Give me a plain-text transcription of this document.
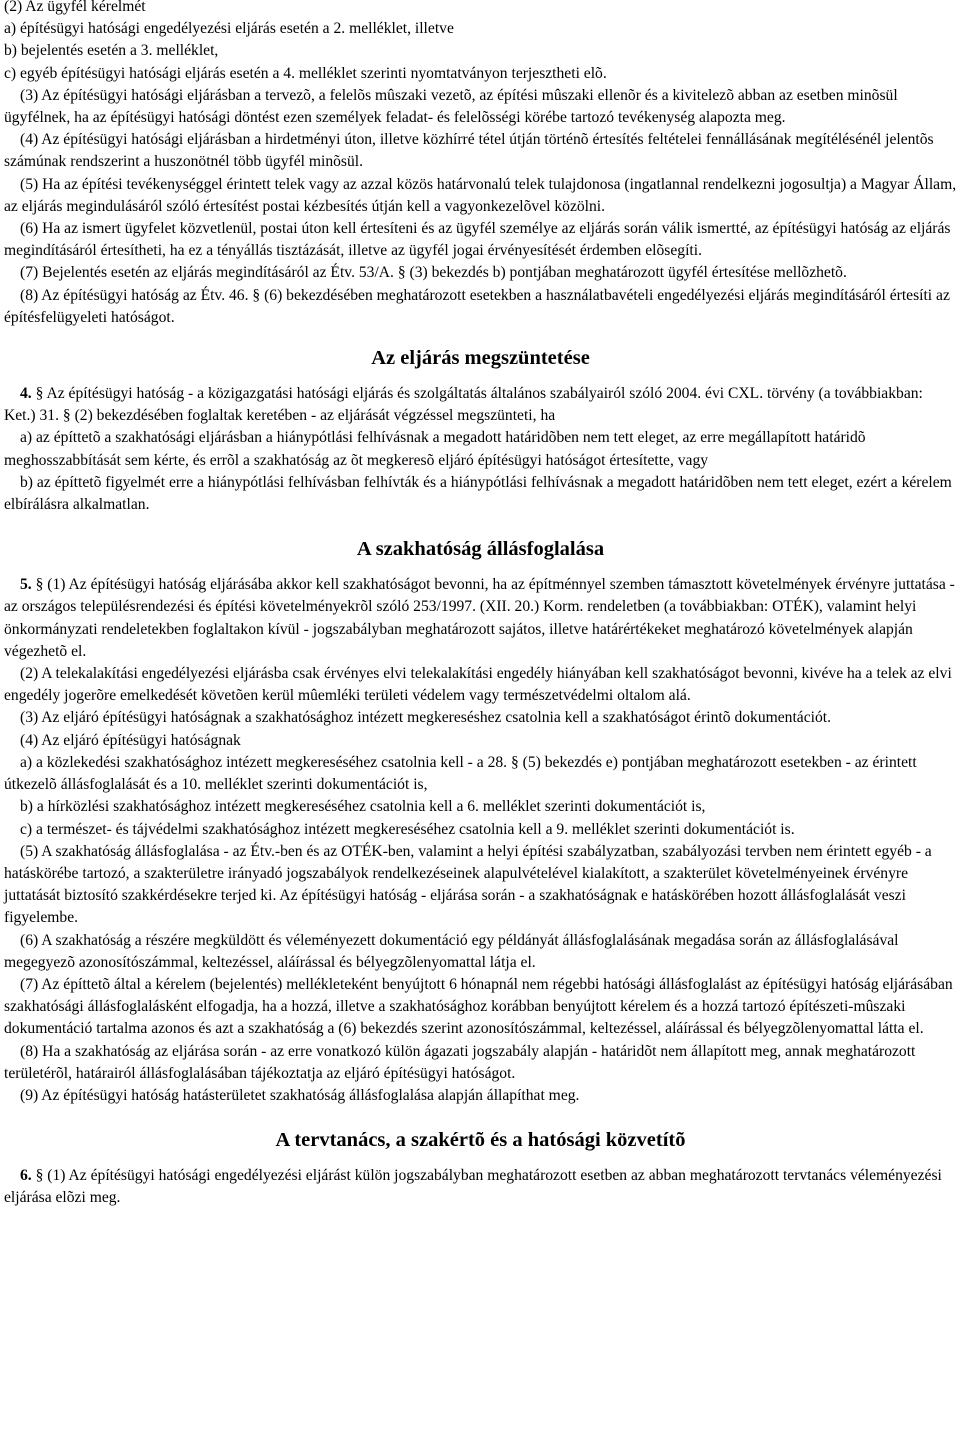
(2) Az ügyfél kérelmét

a) építésügyi hatósági engedélyezési eljárás esetén a 2. melléklet, illetve

b) bejelentés esetén a 3. melléklet,

c) egyéb építésügyi hatósági eljárás esetén a 4. melléklet szerinti nyomtatványon terjesztheti elõ.

(3) Az építésügyi hatósági eljárásban a tervezõ, a felelõs mûszaki vezetõ, az építési mûszaki ellenõr és a kivitelezõ abban az esetben minõsül ügyfélnek, ha az építésügyi hatósági döntést ezen személyek feladat- és felelõsségi körébe tartozó tevékenység alapozta meg.

(4) Az építésügyi hatósági eljárásban a hirdetményi úton, illetve közhírré tétel útján történõ értesítés feltételei fennállásának megítélésénél jelentõs számúnak rendszerint a huszonötnél több ügyfél minõsül.

(5) Ha az építési tevékenységgel érintett telek vagy az azzal közös határvonalú telek tulajdonosa (ingatlannal rendelkezni jogosultja) a Magyar Állam, az eljárás megindulásáról szóló értesítést postai kézbesítés útján kell a vagyonkezelõvel közölni.

(6) Ha az ismert ügyfelet közvetlenül, postai úton kell értesíteni és az ügyfél személye az eljárás során válik ismertté, az építésügyi hatóság az eljárás megindításáról értesítheti, ha ez a tényállás tisztázását, illetve az ügyfél jogai érvényesítését érdemben elõsegíti.

(7) Bejelentés esetén az eljárás megindításáról az Étv. 53/A. § (3) bekezdés b) pontjában meghatározott ügyfél értesítése mellõzhetõ.

(8) Az építésügyi hatóság az Étv. 46. § (6) bekezdésében meghatározott esetekben a használatbavételi engedélyezési eljárás megindításáról értesíti az építésfelügyeleti hatóságot.

Az eljárás megszüntetése

4. § Az építésügyi hatóság - a közigazgatási hatósági eljárás és szolgáltatás általános szabályairól szóló 2004. évi CXL. törvény (a továbbiakban: Ket.) 31. § (2) bekezdésében foglaltak keretében - az eljárását végzéssel megszünteti, ha

a) az építtetõ a szakhatósági eljárásban a hiánypótlási felhívásnak a megadott határidõben nem tett eleget, az erre megállapított határidõ meghosszabbítását sem kérte, és errõl a szakhatóság az õt megkeresõ eljáró építésügyi hatóságot értesítette, vagy

b) az építtetõ figyelmét erre a hiánypótlási felhívásban felhívták és a hiánypótlási felhívásnak a megadott határidõben nem tett eleget, ezért a kérelem elbírálásra alkalmatlan.

A szakhatóság állásfoglalása

5. § (1) Az építésügyi hatóság eljárásába akkor kell szakhatóságot bevonni, ha az építménnyel szemben támasztott követelmények érvényre juttatása - az országos településrendezési és építési követelményekrõl szóló 253/1997. (XII. 20.) Korm. rendeletben (a továbbiakban: OTÉK), valamint helyi önkormányzati rendeletekben foglaltakon kívül - jogszabályban meghatározott sajátos, illetve határértékeket meghatározó követelmények alapján végezhetõ el.

(2) A telekalakítási engedélyezési eljárásba csak érvényes elvi telekalakítási engedély hiányában kell szakhatóságot bevonni, kivéve ha a telek az elvi engedély jogerõre emelkedését követõen kerül mûemléki területi védelem vagy természetvédelmi oltalom alá.

(3) Az eljáró építésügyi hatóságnak a szakhatósághoz intézett megkereséshez csatolnia kell a szakhatóságot érintõ dokumentációt.

(4) Az eljáró építésügyi hatóságnak

a) a közlekedési szakhatósághoz intézett megkereséséhez csatolnia kell - a 28. § (5) bekezdés e) pontjában meghatározott esetekben - az érintett útkezelõ állásfoglalását és a 10. melléklet szerinti dokumentációt is,

b) a hírközlési szakhatósághoz intézett megkereséséhez csatolnia kell a 6. melléklet szerinti dokumentációt is,

c) a természet- és tájvédelmi szakhatósághoz intézett megkereséséhez csatolnia kell a 9. melléklet szerinti dokumentációt is.

(5) A szakhatóság állásfoglalása - az Étv.-ben és az OTÉK-ben, valamint a helyi építési szabályzatban, szabályozási tervben nem érintett egyéb - a hatáskörébe tartozó, a szakterületre irányadó jogszabályok rendelkezéseinek alapulvételével kialakított, a szakterület követelményeinek érvényre juttatását biztosító szakkérdésekre terjed ki. Az építésügyi hatóság - eljárása során - a szakhatóságnak e hatáskörében hozott állásfoglalását veszi figyelembe.

(6) A szakhatóság a részére megküldött és véleményezett dokumentáció egy példányát állásfoglalásának megadása során az állásfoglalásával megegyezõ azonosítószámmal, keltezéssel, aláírással és bélyegzõlenyomattal látja el.

(7) Az építtetõ által a kérelem (bejelentés) mellékleteként benyújtott 6 hónapnál nem régebbi hatósági állásfoglalást az építésügyi hatóság eljárásában szakhatósági állásfoglalásként elfogadja, ha a hozzá, illetve a szakhatósághoz korábban benyújtott kérelem és a hozzá tartozó építészeti-mûszaki dokumentáció tartalma azonos és azt a szakhatóság a (6) bekezdés szerint azonosítószámmal, keltezéssel, aláírással és bélyegzõlenyomattal látta el.

(8) Ha a szakhatóság az eljárása során - az erre vonatkozó külön ágazati jogszabály alapján - határidõt nem állapított meg, annak meghatározott területérõl, határairól állásfoglalásában tájékoztatja az eljáró építésügyi hatóságot.

(9) Az építésügyi hatóság hatásterületet szakhatóság állásfoglalása alapján állapíthat meg.

A tervtanács, a szakértõ és a hatósági közvetítõ

6. § (1) Az építésügyi hatósági engedélyezési eljárást külön jogszabályban meghatározott esetben az abban meghatározott tervtanács véleményezési eljárása elõzi meg.
